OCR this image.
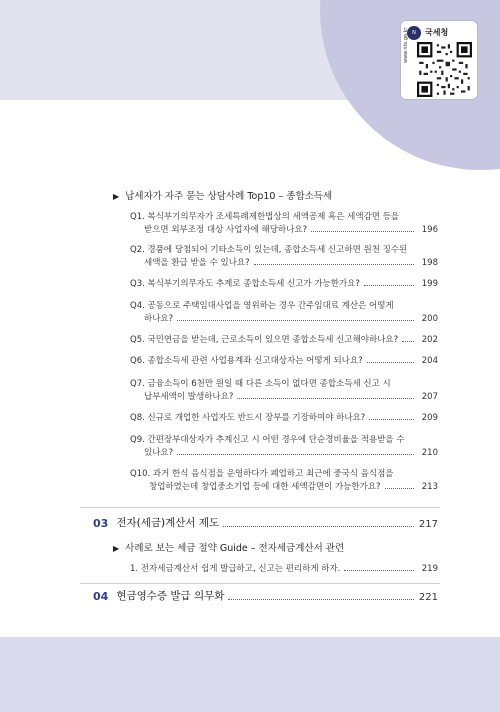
N	국세청
www.nts.go.kr
▶ 납세자가 자주 묻는 상담사례 Top10 – 종합소득세
Q1. 복식부기의무자가 조세특례제한법상의 세액공제 혹은 세액감면 등을
받으면 외부조정 대상 사업자에 해당하나요?	196
Q2. 경품에 당첨되어 기타소득이 있는데, 종합소득세 신고하면 원천 징수된
세액을 환급 받을 수 있나요?	198
Q3. 복식부기의무자도 추계로 종합소득세 신고가 가능한가요?	199
Q4. 공동으로 주택임대사업을 영위하는 경우 간주임대료 계산은 어떻게
하나요?	200
Q5. 국민연금을 받는데, 근로소득이 있으면 종합소득세 신고해야하나요?	202
Q6. 종합소득세 관련 사업용계좌 신고대상자는 어떻게 되나요?	204
Q7. 금융소득이 6천만 원일 때 다른 소득이 없다면 종합소득세 신고 시
납부세액이 발생하나요?	207
Q8. 신규로 개업한 사업자도 반드시 장부를 기장하여야 하나요?	209
Q9. 간편장부대상자가 추계신고 시 어떤 경우에 단순경비율을 적용받을 수
있나요?	210
Q10. 과거 한식 음식점을 운영하다가 폐업하고 최근에 중국식 음식점을
창업하였는데 창업중소기업 등에 대한 세액감면이 가능한가요?	213
03 전자(세금)계산서 제도	217
▶ 사례로 보는 세금 절약 Guide – 전자세금계산서 관련
1. 전자세금계산서 쉽게 발급하고, 신고는 편리하게 하자.	219
04 현금영수증 발급 의무화	221
